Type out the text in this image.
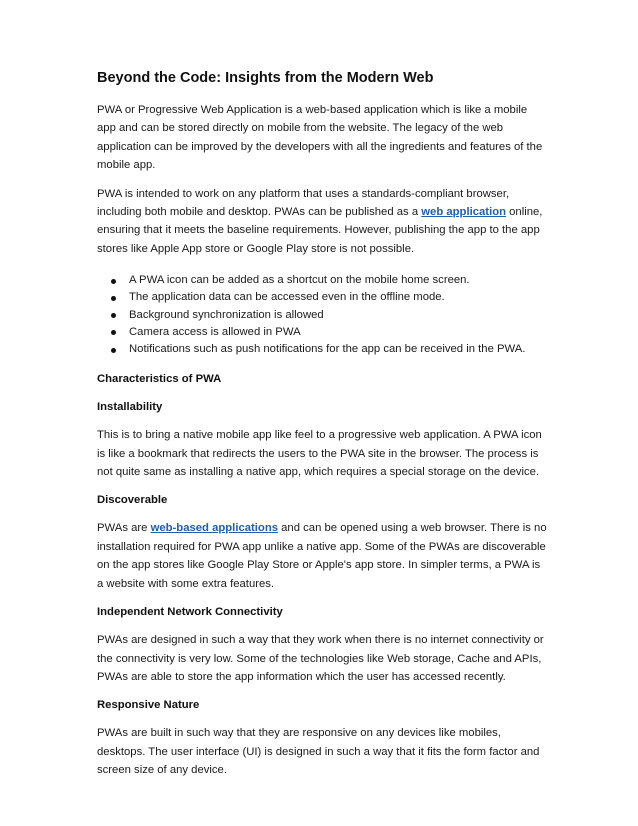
Beyond the Code: Insights from the Modern Web

PWA or Progressive Web Application is a web-based application which is like a mobile app and can be stored directly on mobile from the website. The legacy of the web application can be improved by the developers with all the ingredients and features of the mobile app.

PWA is intended to work on any platform that uses a standards-compliant browser, including both mobile and desktop. PWAs can be published as a web application online, ensuring that it meets the baseline requirements. However, publishing the app to the app stores like Apple App store or Google Play store is not possible.

A PWA icon can be added as a shortcut on the mobile home screen.
The application data can be accessed even in the offline mode.
Background synchronization is allowed
Camera access is allowed in PWA
Notifications such as push notifications for the app can be received in the PWA.
Characteristics of PWA
Installability

This is to bring a native mobile app like feel to a progressive web application. A PWA icon is like a bookmark that redirects the users to the PWA site in the browser. The process is not quite same as installing a native app, which requires a special storage on the device.

Discoverable

PWAs are web-based applications and can be opened using a web browser. There is no installation required for PWA app unlike a native app. Some of the PWAs are discoverable on the app stores like Google Play Store or Apple's app store. In simpler terms, a PWA is a website with some extra features.

Independent Network Connectivity

PWAs are designed in such a way that they work when there is no internet connectivity or the connectivity is very low. Some of the technologies like Web storage, Cache and APIs, PWAs are able to store the app information which the user has accessed recently.

Responsive Nature

PWAs are built in such way that they are responsive on any devices like mobiles, desktops. The user interface (UI) is designed in such a way that it fits the form factor and screen size of any device.
